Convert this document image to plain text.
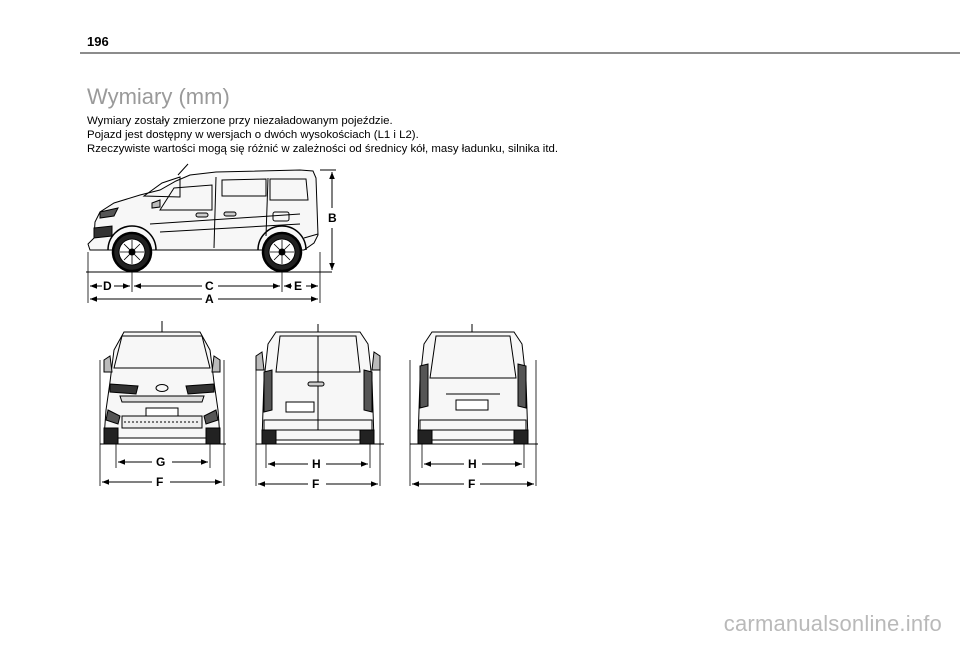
196
Wymiary (mm)
Wymiary zostały zmierzone przy niezaładowanym pojeździe.
Pojazd jest dostępny w wersjach o dwóch wysokościach (L1 i L2).
Rzeczywiste wartości mogą się różnić w zależności od średnicy kół, masy ładunku, silnika itd.
B
D	C	E
A
G
F
H
F
H
F
carmanualsonline.info
